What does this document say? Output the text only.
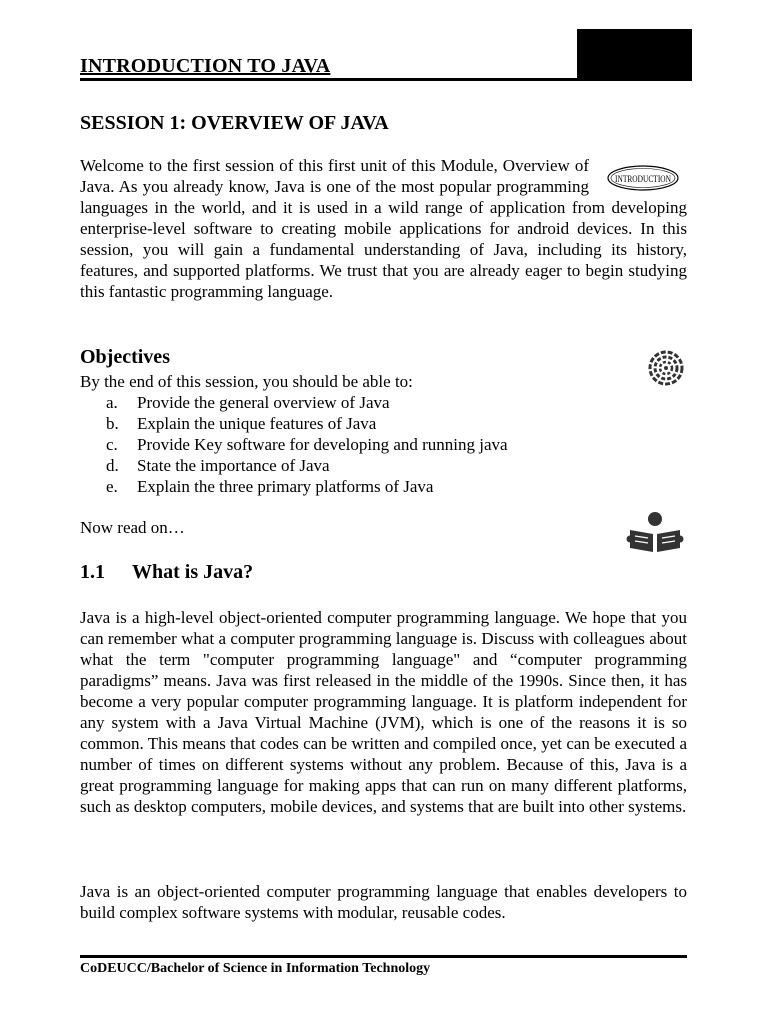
INTRODUCTION TO JAVA
SESSION 1: OVERVIEW OF JAVA

Welcome to the first session of this first unit of this Module, Overview of Java. As you already know, Java is one of the most popular programming languages in the world, and it is used in a wild range of application from developing enterprise-level software to creating mobile applications for android devices. In this session, you will gain a fundamental understanding of Java, including its history, features, and supported platforms. We trust that you are already eager to begin studying this fantastic programming language.

INTRODUCTION
Objectives
By the end of this session, you should be able to:
a.	Provide the general overview of Java
b.	Explain the unique features of Java
c.	Provide Key software for developing and running java
d.	State the importance of Java
e.	Explain the three primary platforms of Java
Now read on…
1.1 What is Java?

Java is a high-level object-oriented computer programming language. We hope that you can remember what a computer programming language is. Discuss with colleagues about what the term "computer programming language" and “computer programming paradigms” means. Java was first released in the middle of the 1990s. Since then, it has become a very popular computer programming language. It is platform independent for any system with a Java Virtual Machine (JVM), which is one of the reasons it is so common. This means that codes can be written and compiled once, yet can be executed a number of times on different systems without any problem. Because of this, Java is a great programming language for making apps that can run on many different platforms, such as desktop computers, mobile devices, and systems that are built into other systems.

Java is an object-oriented computer programming language that enables developers to build complex software systems with modular, reusable codes.

CoDEUCC/Bachelor of Science in Information Technology
